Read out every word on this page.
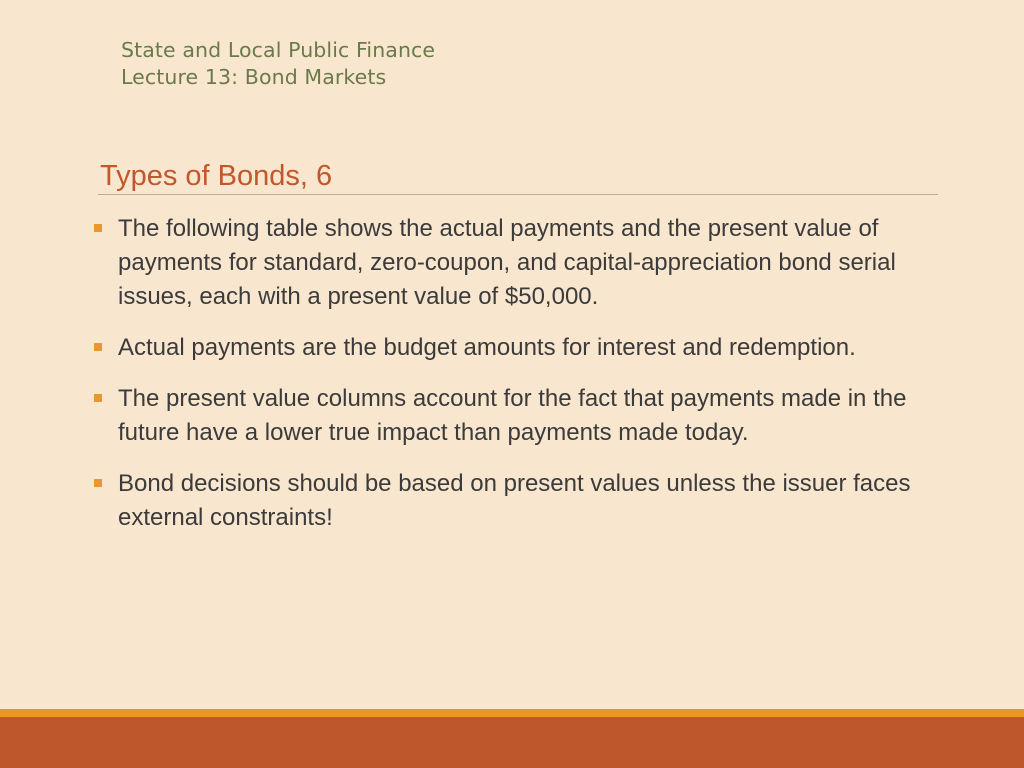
State and Local Public Finance
Lecture 13: Bond Markets
Types of Bonds, 6
The following table shows the actual payments and the present value of payments for standard, zero-coupon, and capital-appreciation bond serial issues, each with a present value of $50,000.
Actual payments are the budget amounts for interest and redemption.
The present value columns account for the fact that payments made in the future have a lower true impact than payments made today.
Bond decisions should be based on present values unless the issuer faces external constraints!
